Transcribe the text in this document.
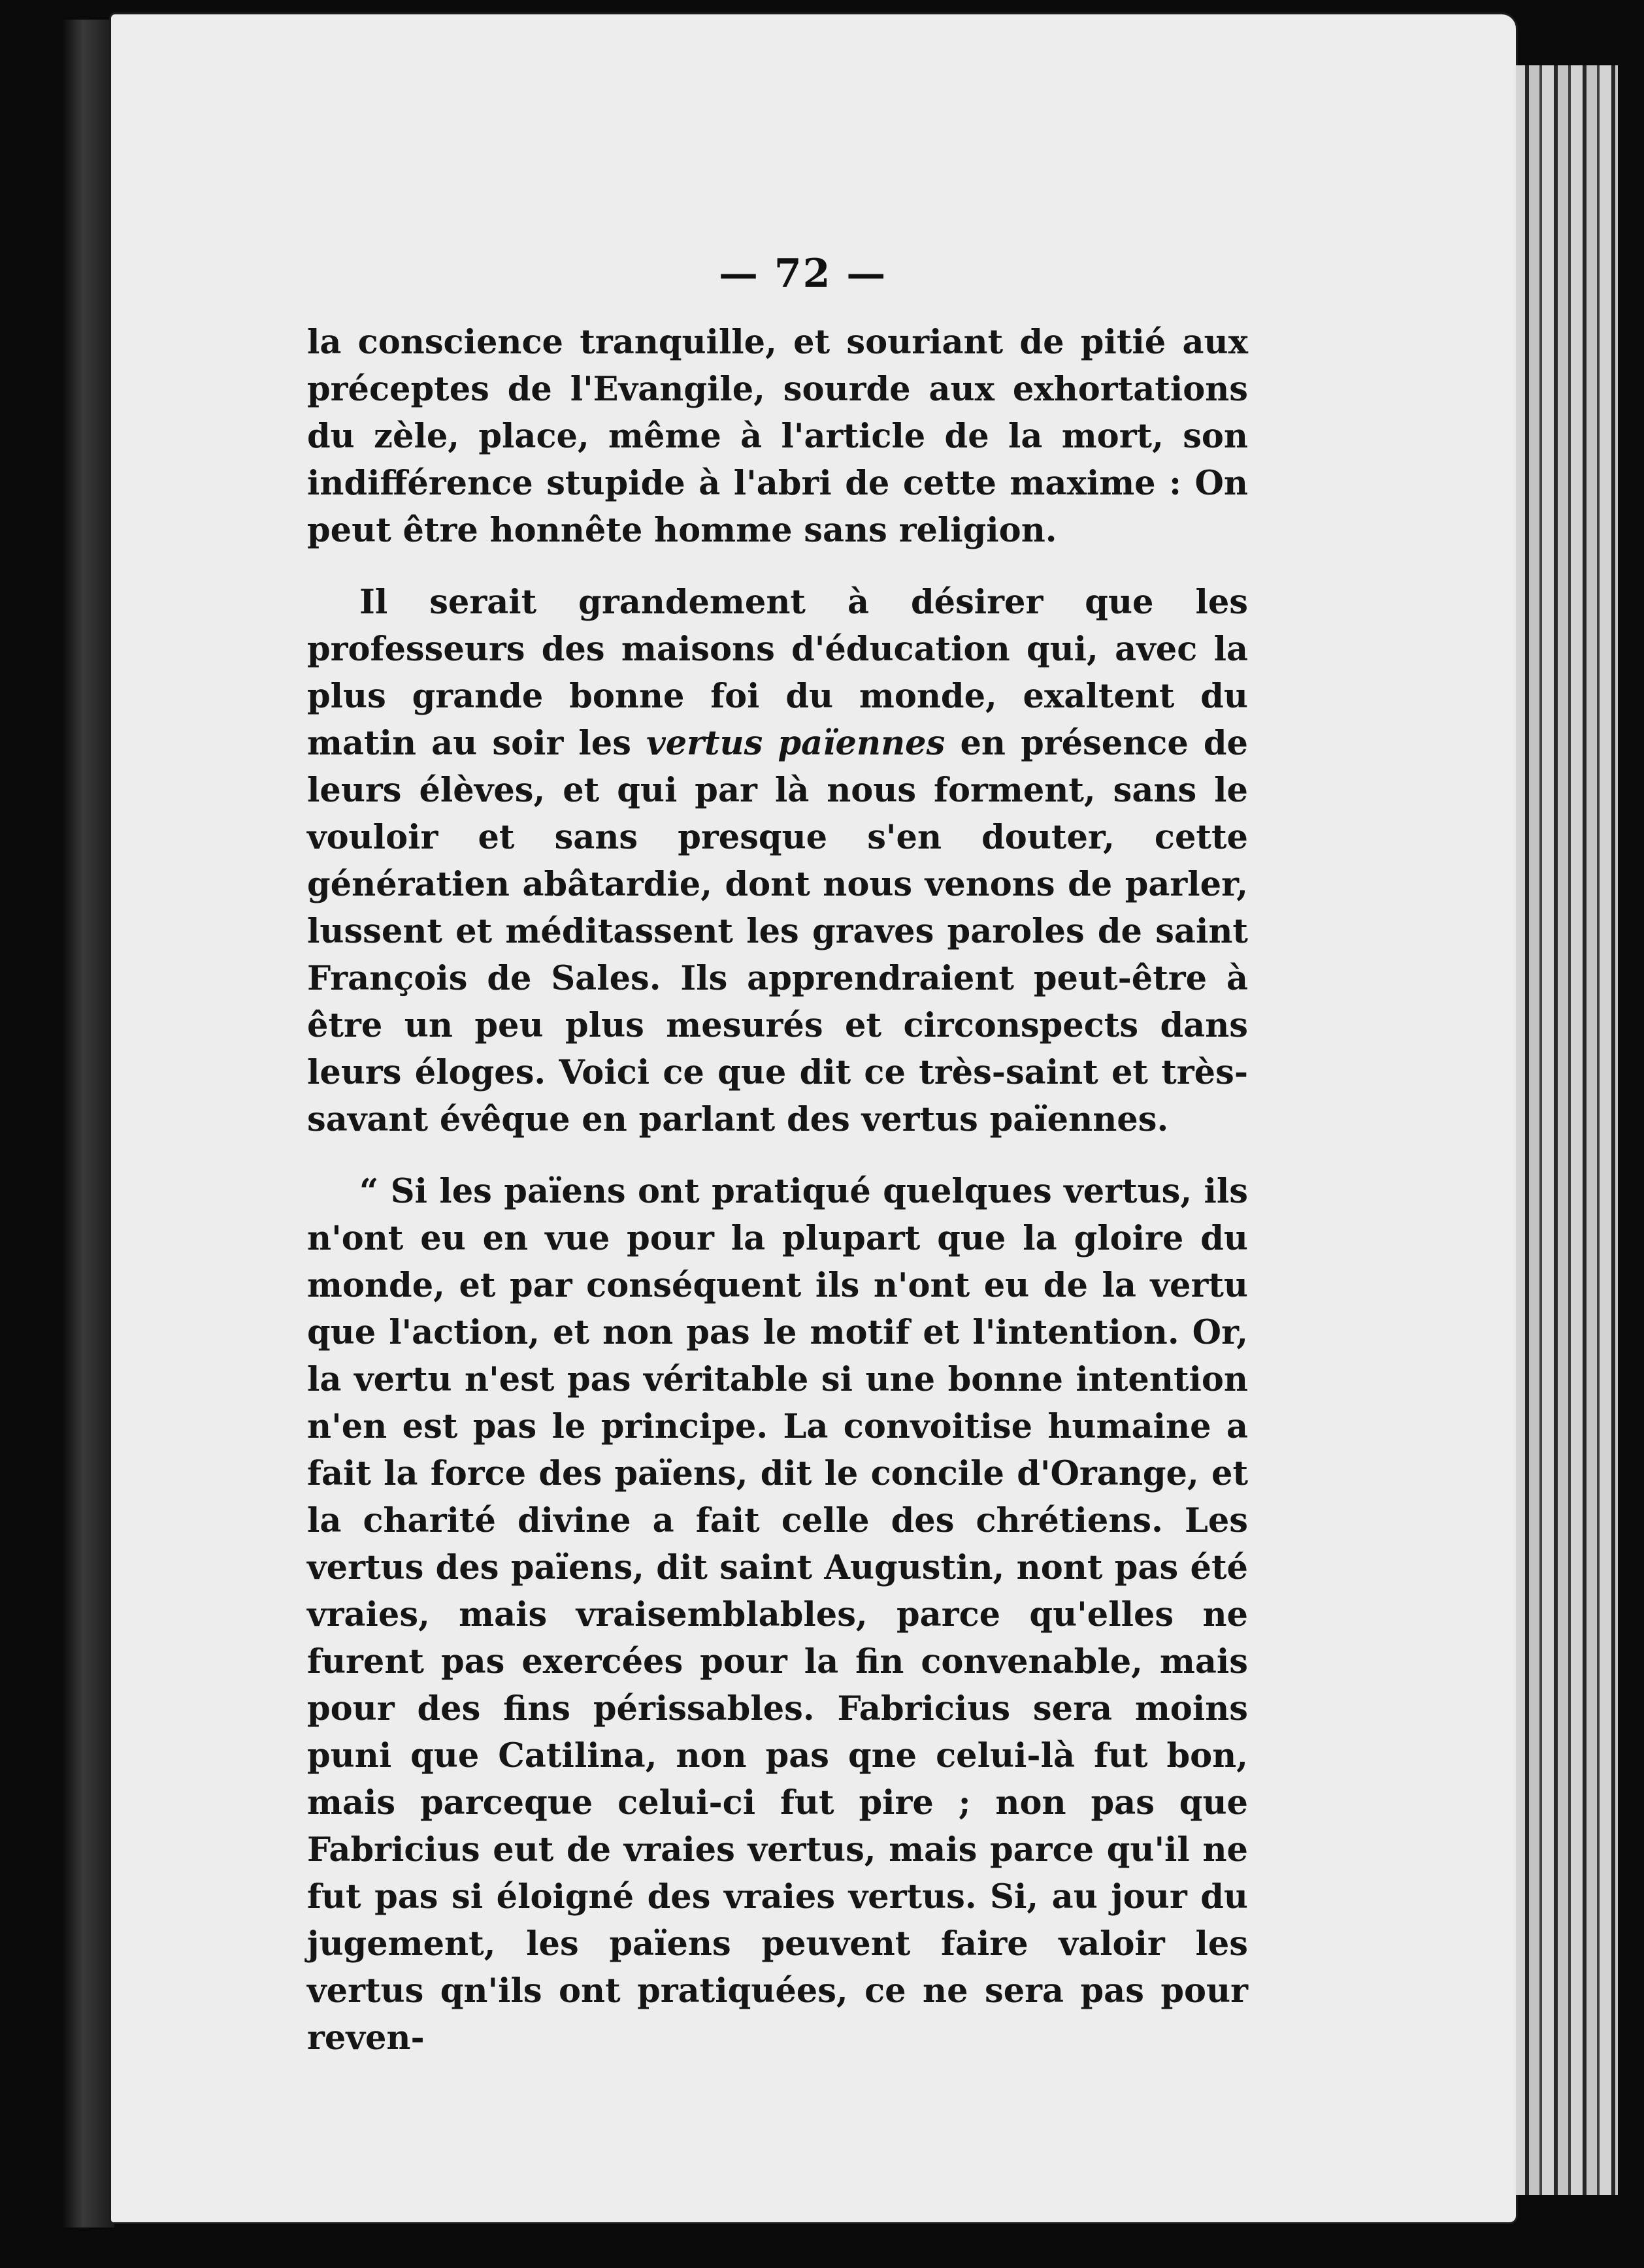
— 72 —

la conscience tranquille, et souriant de pitié aux préceptes de l'Evangile, sourde aux exhortations du zèle, place, même à l'article de la mort, son indifférence stupide à l'abri de cette maxime : On peut être honnête homme sans religion.

Il serait grandement à désirer que les professeurs des maisons d'éducation qui, avec la plus grande bonne foi du monde, exaltent du matin au soir les vertus païennes en présence de leurs élèves, et qui par là nous forment, sans le vouloir et sans presque s'en douter, cette génératien abâtardie, dont nous venons de parler, lussent et méditassent les graves paroles de saint François de Sales. Ils apprendraient peut-être à être un peu plus mesurés et circonspects dans leurs éloges. Voici ce que dit ce très-saint et très-savant évêque en parlant des vertus païennes.

“ Si les païens ont pratiqué quelques vertus, ils n'ont eu en vue pour la plupart que la gloire du monde, et par conséquent ils n'ont eu de la vertu que l'action, et non pas le motif et l'intention. Or, la vertu n'est pas véritable si une bonne intention n'en est pas le principe. La convoitise humaine a fait la force des païens, dit le concile d'Orange, et la charité divine a fait celle des chrétiens. Les vertus des païens, dit saint Augustin, nont pas été vraies, mais vraisemblables, parce qu'elles ne furent pas exercées pour la fin convenable, mais pour des fins périssables. Fabricius sera moins puni que Catilina, non pas qne celui-là fut bon, mais parceque celui-ci fut pire ; non pas que Fabricius eut de vraies vertus, mais parce qu'il ne fut pas si éloigné des vraies vertus. Si, au jour du jugement, les païens peuvent faire valoir les vertus qn'ils ont pratiquées, ce ne sera pas pour reven-
